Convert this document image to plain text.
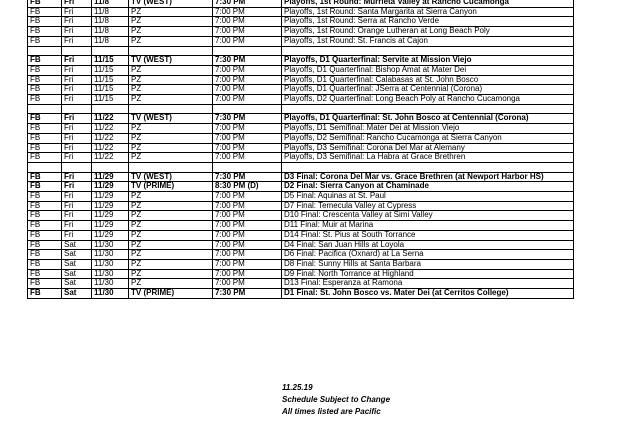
FB	Fri	11/8	TV (WEST)	7:30 PM	Playoffs, 1st Round: Murrieta Valley at Rancho Cucamonga
FB	Fri	11/8	PZ	7:00 PM	Playoffs, 1st Round: Santa Margarita at Sierra Canyon
FB	Fri	11/8	PZ	7:00 PM	Playoffs, 1st Round: Serra at Rancho Verde
FB	Fri	11/8	PZ	7:00 PM	Playoffs, 1st Round: Orange Lutheran at Long Beach Poly
FB	Fri	11/8	PZ	7:00 PM	Playoffs, 1st Round: St. Francis at Cajon

FB	Fri	11/15	TV (WEST)	7:30 PM	Playoffs, D1 Quarterfinal: Servite at Mission Viejo
FB	Fri	11/15	PZ	7:00 PM	Playoffs, D1 Quarterfinal: Bishop Amat at Mater Dei
FB	Fri	11/15	PZ	7:00 PM	Playoffs, D1 Quarterfinal: Calabasas at St. John Bosco
FB	Fri	11/15	PZ	7:00 PM	Playoffs, D1 Quarterfinal: JSerra at Centennial (Corona)
FB	Fri	11/15	PZ	7:00 PM	Playoffs, D2 Quarterfinal: Long Beach Poly at Rancho Cucamonga

FB	Fri	11/22	TV (WEST)	7:30 PM	Playoffs, D1 Quarterfinal: St. John Bosco at Centennial (Corona)
FB	Fri	11/22	PZ	7:00 PM	Playoffs, D1 Semifinal: Mater Dei at Mission Viejo
FB	Fri	11/22	PZ	7:00 PM	Playoffs, D2 Semifinal: Rancho Cucamonga at Sierra Canyon
FB	Fri	11/22	PZ	7:00 PM	Playoffs, D3 Semifinal: Corona Del Mar at Alemany
FB	Fri	11/22	PZ	7:00 PM	Playoffs, D3 Semifinal: La Habra at Grace Brethren

FB	Fri	11/29	TV (WEST)	7:30 PM	D3 Final: Corona Del Mar vs. Grace Brethren (at Newport Harbor HS)
FB	Fri	11/29	TV (PRIME)	8:30 PM (D)	D2 Final: Sierra Canyon at Chaminade
FB	Fri	11/29	PZ	7:00 PM	D5 Final: Aquinas at St. Paul
FB	Fri	11/29	PZ	7:00 PM	D7 Final: Temecula Valley at Cypress
FB	Fri	11/29	PZ	7:00 PM	D10 Final: Crescenta Valley at Simi Valley
FB	Fri	11/29	PZ	7:00 PM	D11 Final: Muir at Marina
FB	Fri	11/29	PZ	7:00 PM	D14 Final: St. Pius at South Torrance
FB	Sat	11/30	PZ	7:00 PM	D4 Final: San Juan Hills at Loyola
FB	Sat	11/30	PZ	7:00 PM	D6 Final: Pacifica (Oxnard) at La Serna
FB	Sat	11/30	PZ	7:00 PM	D8 Final: Sunny Hills at Santa Barbara
FB	Sat	11/30	PZ	7:00 PM	D9 Final: North Torrance at Highland
FB	Sat	11/30	PZ	7:00 PM	D13 Final: Esperanza at Ramona
FB	Sat	11/30	TV (PRIME)	7:30 PM	D1 Final: St. John Bosco vs. Mater Dei (at Cerritos College)
11.25.19
Schedule Subject to Change
All times listed are Pacific
